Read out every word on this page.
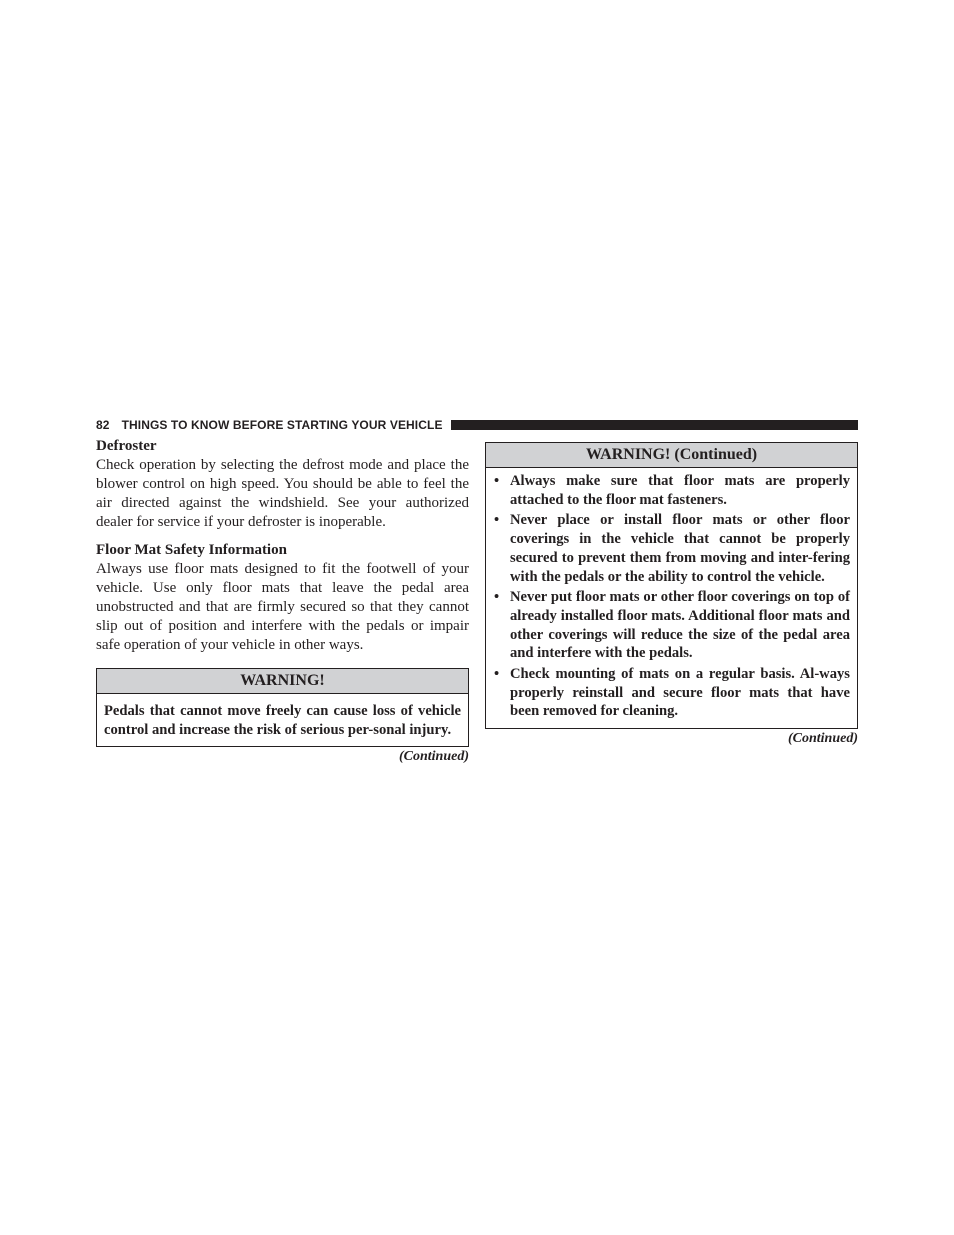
82 THINGS TO KNOW BEFORE STARTING YOUR VEHICLE

Defroster

Check operation by selecting the defrost mode and place the blower control on high speed. You should be able to feel the air directed against the windshield. See your authorized dealer for service if your defroster is inoperable.

Floor Mat Safety Information

Always use floor mats designed to fit the footwell of your vehicle. Use only floor mats that leave the pedal area unobstructed and that are firmly secured so that they cannot slip out of position and interfere with the pedals or impair safe operation of your vehicle in other ways.

WARNING!
Pedals that cannot move freely can cause loss of vehicle control and increase the risk of serious per-sonal injury.
(Continued)
WARNING! (Continued)
• Always make sure that floor mats are properly attached to the floor mat fasteners.
• Never place or install floor mats or other floor coverings in the vehicle that cannot be properly secured to prevent them from moving and inter-fering with the pedals or the ability to control the vehicle.
• Never put floor mats or other floor coverings on top of already installed floor mats. Additional floor mats and other coverings will reduce the size of the pedal area and interfere with the pedals.
• Check mounting of mats on a regular basis. Al-ways properly reinstall and secure floor mats that have been removed for cleaning.
(Continued)
